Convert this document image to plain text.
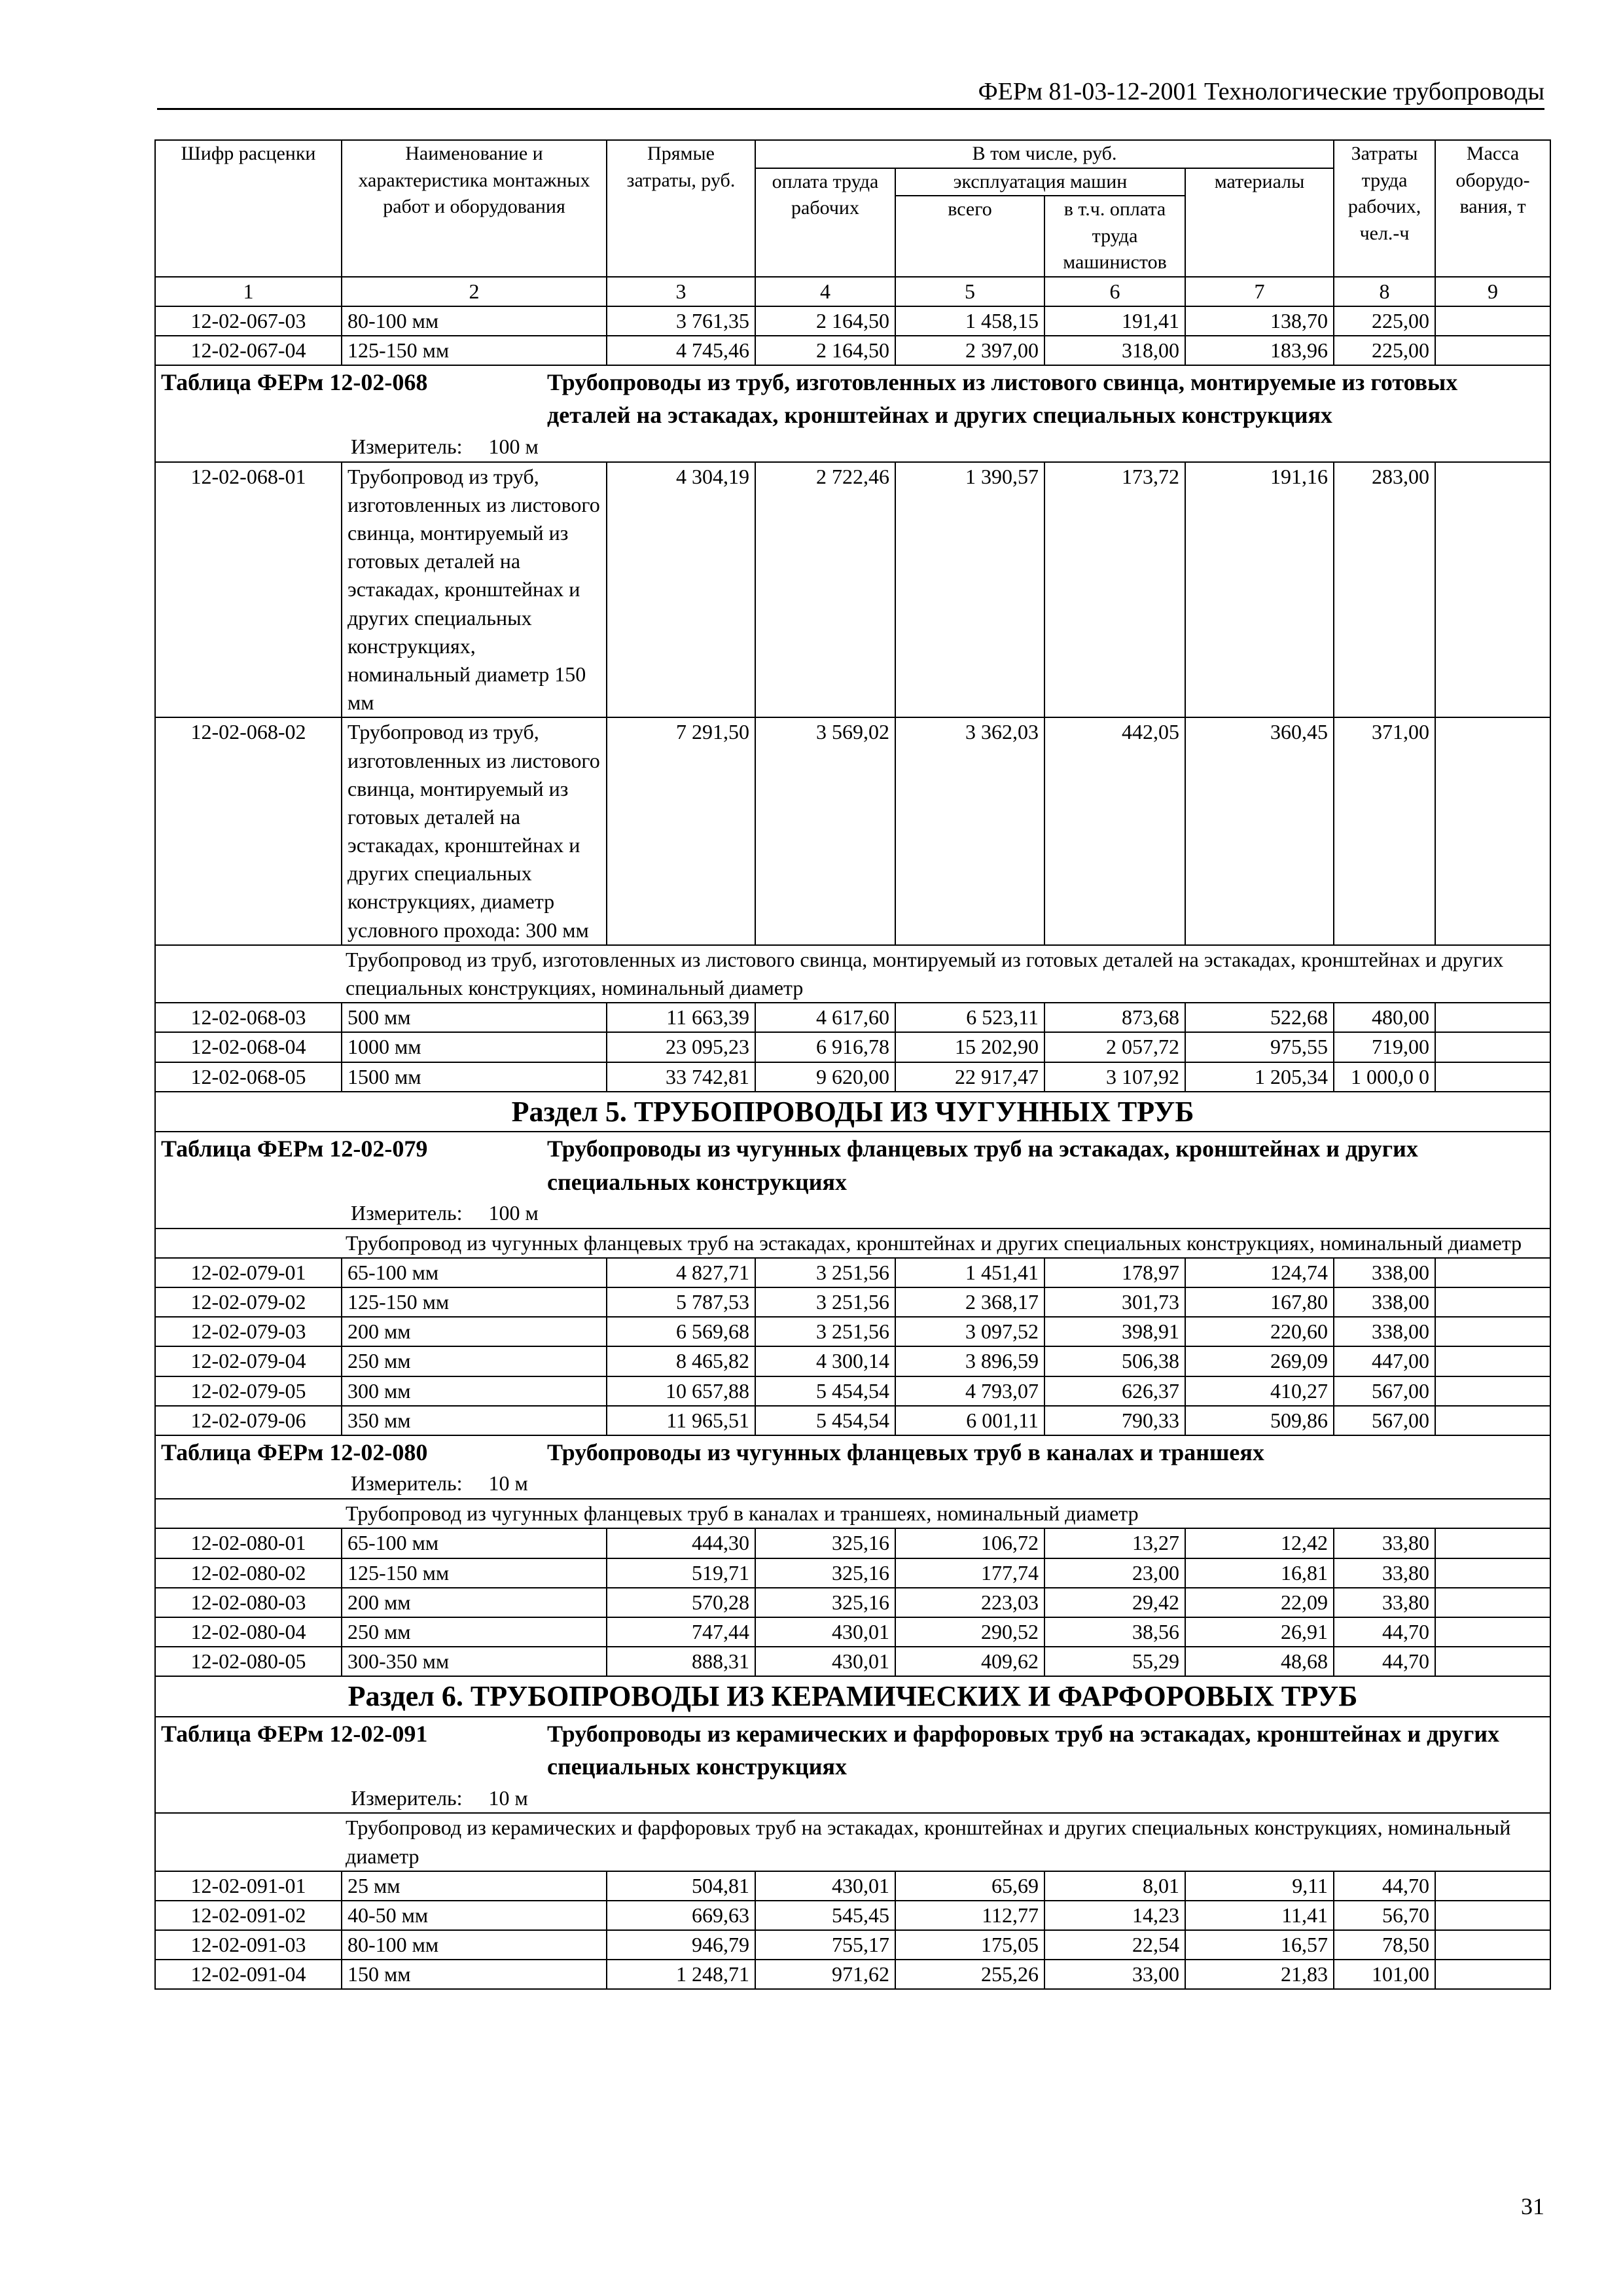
ФЕРм 81-03-12-2001 Технологические трубопроводы
Шифр расценки	Наименование и характеристика монтажных работ и оборудования	Прямые затраты, руб.	В том числе, руб.				Затраты труда рабочих, чел.-ч	Масса оборудо-вания, т
			оплата труда рабочих	эксплуатация машин		материалы		
				всего	в т.ч. оплата труда машинистов			
1	2	3	4	5	6	7	8	9
12-02-067-03	80-100 мм	3 761,35	2 164,50	1 458,15	191,41	138,70	225,00	
12-02-067-04	125-150 мм	4 745,46	2 164,50	2 397,00	318,00	183,96	225,00	
Таблица ФЕРм 12-02-068 Трубопроводы из труб, изготовленных из листового свинца, монтируемые из готовых деталей на эстакадах, кронштейнах и других специальных конструкциях
Измеритель: 100 м								

12-02-068-01	Трубопровод из труб, изготовленных из листового свинца, монтируемый из готовых деталей на эстакадах, кронштейнах и других специальных конструкциях, номинальный диаметр 150 мм	4 304,19	2 722,46	1 390,57	173,72	191,16	283,00	
12-02-068-02	Трубопровод из труб, изготовленных из листового свинца, монтируемый из готовых деталей на эстакадах, кронштейнах и других специальных конструкциях, диаметр условного прохода: 300 мм	7 291,50	3 569,02	3 362,03	442,05	360,45	371,00	
Трубопровод из труб, изготовленных из листового свинца, монтируемый из готовых деталей на эстакадах, кронштейнах и других специальных конструкциях, номинальный диаметр								
12-02-068-03	500 мм	11 663,39	4 617,60	6 523,11	873,68	522,68	480,00	
12-02-068-04	1000 мм	23 095,23	6 916,78	15 202,90	2 057,72	975,55	719,00	
12-02-068-05	1500 мм	33 742,81	9 620,00	22 917,47	3 107,92	1 205,34	1 000,0 0	
Раздел 5. ТРУБОПРОВОДЫ ИЗ ЧУГУННЫХ ТРУБ								
Таблица ФЕРм 12-02-079 Трубопроводы из чугунных фланцевых труб на эстакадах, кронштейнах и других специальных конструкциях
Измеритель: 100 м								

Трубопровод из чугунных фланцевых труб на эстакадах, кронштейнах и других специальных конструкциях, номинальный диаметр								
12-02-079-01	65-100 мм	4 827,71	3 251,56	1 451,41	178,97	124,74	338,00	
12-02-079-02	125-150 мм	5 787,53	3 251,56	2 368,17	301,73	167,80	338,00	
12-02-079-03	200 мм	6 569,68	3 251,56	3 097,52	398,91	220,60	338,00	
12-02-079-04	250 мм	8 465,82	4 300,14	3 896,59	506,38	269,09	447,00	
12-02-079-05	300 мм	10 657,88	5 454,54	4 793,07	626,37	410,27	567,00	
12-02-079-06	350 мм	11 965,51	5 454,54	6 001,11	790,33	509,86	567,00	
Таблица ФЕРм 12-02-080 Трубопроводы из чугунных фланцевых труб в каналах и траншеях
Измеритель: 10 м								

Трубопровод из чугунных фланцевых труб в каналах и траншеях, номинальный диаметр								
12-02-080-01	65-100 мм	444,30	325,16	106,72	13,27	12,42	33,80	
12-02-080-02	125-150 мм	519,71	325,16	177,74	23,00	16,81	33,80	
12-02-080-03	200 мм	570,28	325,16	223,03	29,42	22,09	33,80	
12-02-080-04	250 мм	747,44	430,01	290,52	38,56	26,91	44,70	
12-02-080-05	300-350 мм	888,31	430,01	409,62	55,29	48,68	44,70	
Раздел 6. ТРУБОПРОВОДЫ ИЗ КЕРАМИЧЕСКИХ И ФАРФОРОВЫХ ТРУБ								
Таблица ФЕРм 12-02-091 Трубопроводы из керамических и фарфоровых труб на эстакадах, кронштейнах и других специальных конструкциях
Измеритель: 10 м								

Трубопровод из керамических и фарфоровых труб на эстакадах, кронштейнах и других специальных конструкциях, номинальный диаметр								
12-02-091-01	25 мм	504,81	430,01	65,69	8,01	9,11	44,70	
12-02-091-02	40-50 мм	669,63	545,45	112,77	14,23	11,41	56,70	
12-02-091-03	80-100 мм	946,79	755,17	175,05	22,54	16,57	78,50	
12-02-091-04	150 мм	1 248,71	971,62	255,26	33,00	21,83	101,00	
31
